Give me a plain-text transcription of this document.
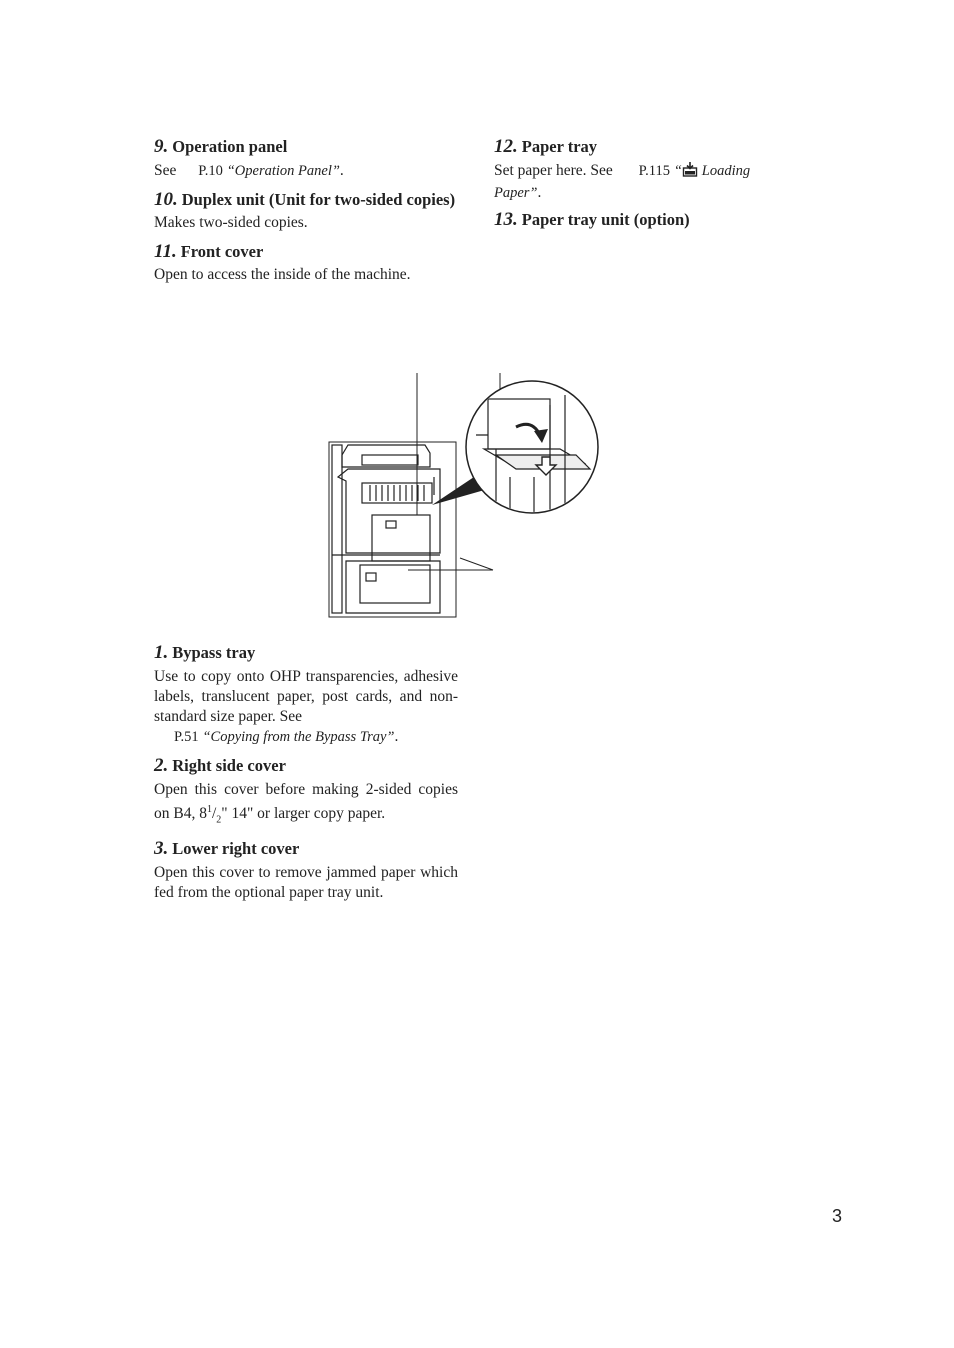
9. Operation panel
See P.10 “Operation Panel”.
10. Duplex unit (Unit for two-sided copies)
Makes two-sided copies.
11. Front cover
Open to access the inside of the machine.
12. Paper tray
Set paper here. See P.115 “ Loading
Paper”.
13. Paper tray unit (option)
1. Bypass tray
Use to copy onto OHP transparencies, adhesive labels, translucent paper, post cards, and non-standard size paper. See
P.51 “Copying from the Bypass Tray”.
2. Right side cover
Open this cover before making 2-sided copies on B4, $8^1/_2$" 14" or larger copy paper.
3. Lower right cover
Open this cover to remove jammed paper which fed from the optional paper tray unit.
3
